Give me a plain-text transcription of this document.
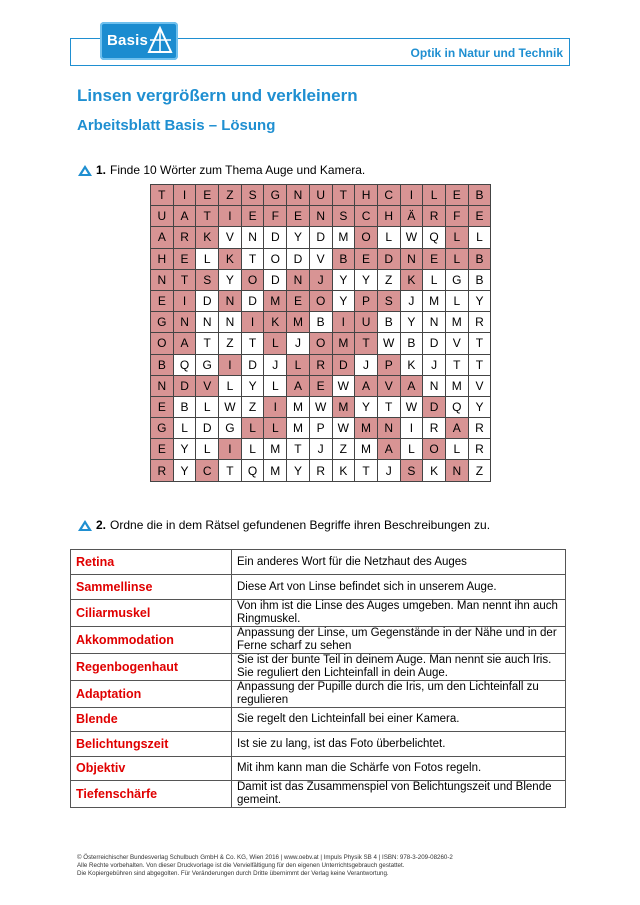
Basis
Optik in Natur und Technik
Linsen vergrößern und verkleinern
Arbeitsblatt Basis – Lösung
1. Finde 10 Wörter zum Thema Auge und Kamera.
T	I	E	Z	S	G	N	U	T	H	C	I	L	E	B
U	A	T	I	E	F	E	N	S	C	H	Ä	R	F	E
A	R	K	V	N	D	Y	D	M	O	L	W	Q	L	L
H	E	L	K	T	O	D	V	B	E	D	N	E	L	B
N	T	S	Y	O	D	N	J	Y	Y	Z	K	L	G	B
E	I	D	N	D	M	E	O	Y	P	S	J	M	L	Y
G	N	N	N	I	K	M	B	I	U	B	Y	N	M	R
O	A	T	Z	T	L	J	O	M	T	W	B	D	V	T
B	Q	G	I	D	J	L	R	D	J	P	K	J	T	T
N	D	V	L	Y	L	A	E	W	A	V	A	N	M	V
E	B	L	W	Z	I	M	W	M	Y	T	W	D	Q	Y
G	L	D	G	L	L	M	P	W	M	N	I	R	A	R
E	Y	L	I	L	M	T	J	Z	M	A	L	O	L	R
R	Y	C	T	Q	M	Y	R	K	T	J	S	K	N	Z
2. Ordne die in dem Rätsel gefundenen Begriffe ihren Beschreibungen zu.
Retina	Ein anderes Wort für die Netzhaut des Auges
Sammellinse	Diese Art von Linse befindet sich in unserem Auge.
Ciliarmuskel	Von ihm ist die Linse des Auges umgeben. Man nennt ihn auch Ringmuskel.
Akkommodation	Anpassung der Linse, um Gegenstände in der Nähe und in der Ferne scharf zu sehen
Regenbogenhaut	Sie ist der bunte Teil in deinem Auge. Man nennt sie auch Iris. Sie reguliert den Lichteinfall in dein Auge.
Adaptation	Anpassung der Pupille durch die Iris, um den Lichteinfall zu regulieren
Blende	Sie regelt den Lichteinfall bei einer Kamera.
Belichtungszeit	Ist sie zu lang, ist das Foto überbelichtet.
Objektiv	Mit ihm kann man die Schärfe von Fotos regeln.
Tiefenschärfe	Damit ist das Zusammenspiel von Belichtungszeit und Blende gemeint.
© Österreichischer Bundesverlag Schulbuch GmbH & Co. KG, Wien 2016 | www.oebv.at | Impuls Physik SB 4 | ISBN: 978-3-209-08260-2
Alle Rechte vorbehalten. Von dieser Druckvorlage ist die Vervielfältigung für den eigenen Unterrichtsgebrauch gestattet.
Die Kopiergebühren sind abgegolten. Für Veränderungen durch Dritte übernimmt der Verlag keine Verantwortung.
